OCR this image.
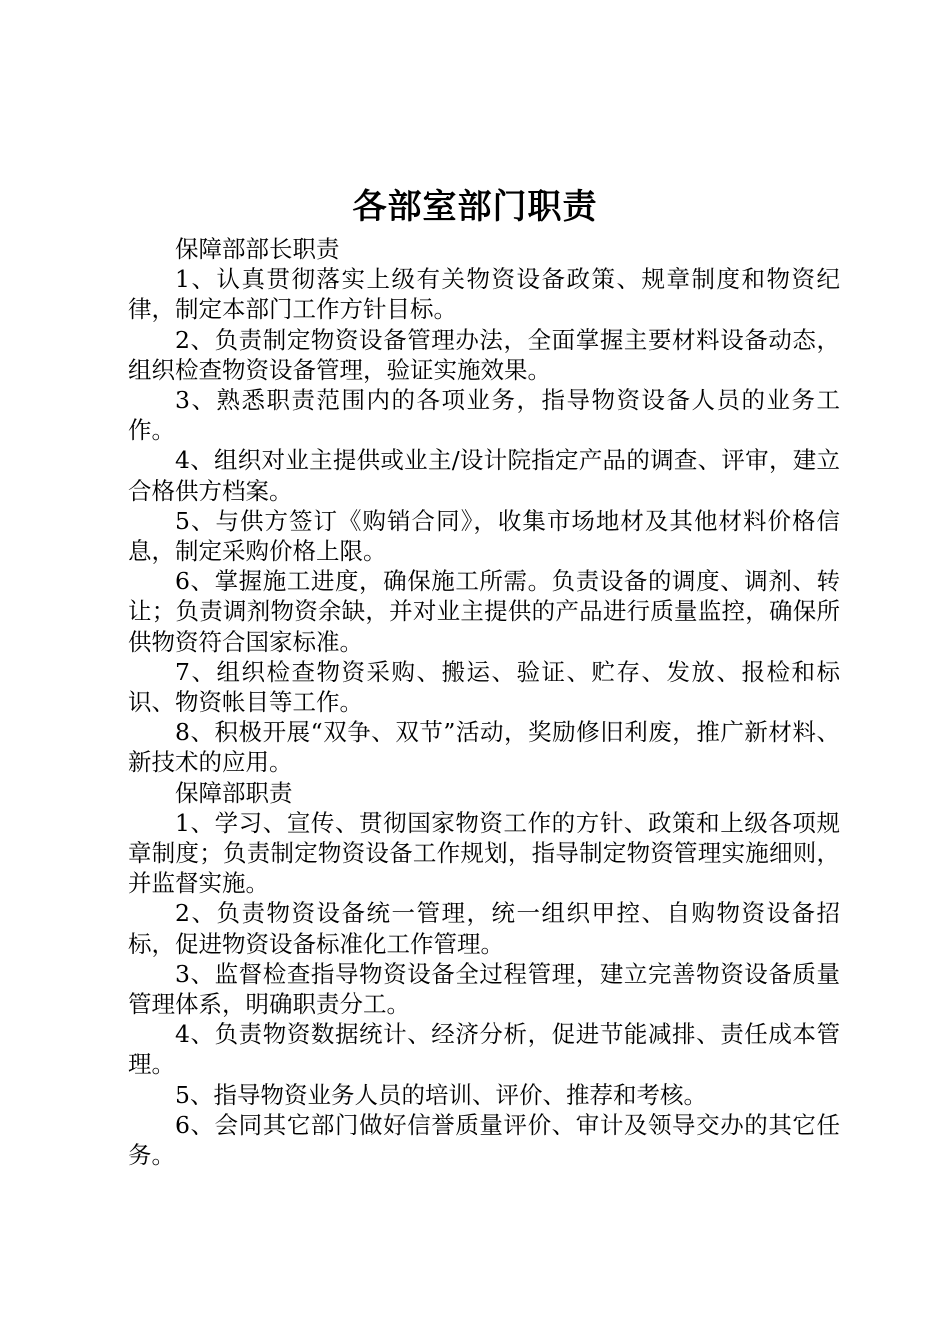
各部室部门职责

保障部部长职责

1、认真贯彻落实上级有关物资设备政策、规章制度和物资纪律，制定本部门工作方针目标。

2、负责制定物资设备管理办法，全面掌握主要材料设备动态，组织检查物资设备管理，验证实施效果。

3、熟悉职责范围内的各项业务，指导物资设备人员的业务工作。

4、组织对业主提供或业主/设计院指定产品的调查、评审，建立合格供方档案。

5、与供方签订《购销合同》，收集市场地材及其他材料价格信息，制定采购价格上限。

6、掌握施工进度，确保施工所需。负责设备的调度、调剂、转让；负责调剂物资余缺，并对业主提供的产品进行质量监控，确保所供物资符合国家标准。

7、组织检查物资采购、搬运、验证、贮存、发放、报检和标识、物资帐目等工作。

8、积极开展“双争、双节”活动，奖励修旧利废，推广新材料、新技术的应用。

保障部职责

1、学习、宣传、贯彻国家物资工作的方针、政策和上级各项规章制度；负责制定物资设备工作规划，指导制定物资管理实施细则，并监督实施。

2、负责物资设备统一管理，统一组织甲控、自购物资设备招标，促进物资设备标准化工作管理。

3、监督检查指导物资设备全过程管理，建立完善物资设备质量管理体系，明确职责分工。

4、负责物资数据统计、经济分析，促进节能减排、责任成本管理。

5、指导物资业务人员的培训、评价、推荐和考核。

6、会同其它部门做好信誉质量评价、审计及领导交办的其它任务。
